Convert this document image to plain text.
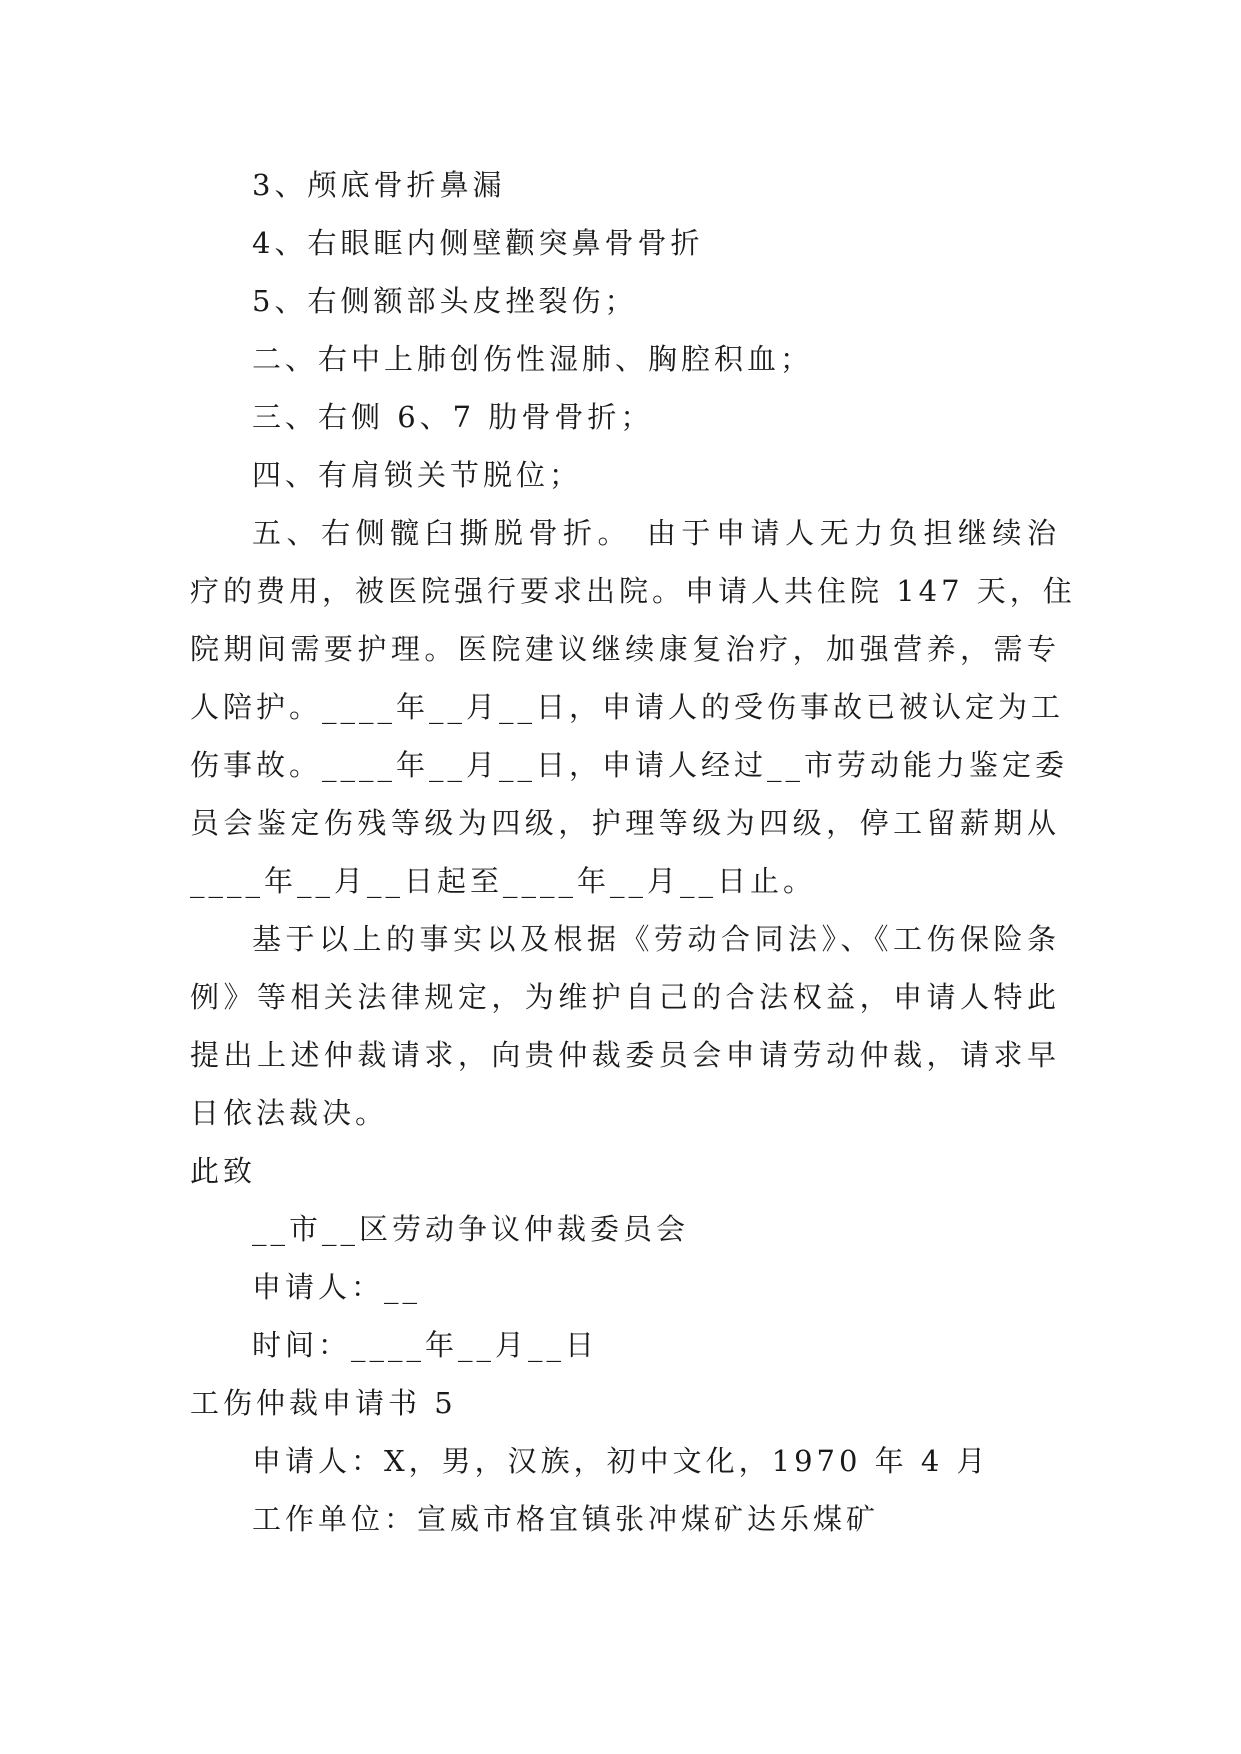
3、颅底骨折鼻漏

4、右眼眶内侧壁颧突鼻骨骨折

5、右侧额部头皮挫裂伤；

二、右中上肺创伤性湿肺、胸腔积血；

三、右侧 6、7 肋骨骨折；

四、有肩锁关节脱位；

五、右侧髋臼撕脱骨折。 由于申请人无力负担继续治

疗的费用，被医院强行要求出院。申请人共住院 147 天，住

院期间需要护理。医院建议继续康复治疗，加强营养，需专

人陪护。____年__月__日，申请人的受伤事故已被认定为工

伤事故。____年__月__日，申请人经过__市劳动能力鉴定委

员会鉴定伤残等级为四级，护理等级为四级，停工留薪期从

____年__月__日起至____年__月__日止。

基于以上的事实以及根据《劳动合同法》、《工伤保险条

例》等相关法律规定，为维护自己的合法权益，申请人特此

提出上述仲裁请求，向贵仲裁委员会申请劳动仲裁，请求早

日依法裁决。

此致

__市__区劳动争议仲裁委员会

申请人：__

时间：____年__月__日

工伤仲裁申请书 5

申请人：X，男，汉族，初中文化，1970 年 4 月

工作单位：宣威市格宜镇张冲煤矿达乐煤矿
